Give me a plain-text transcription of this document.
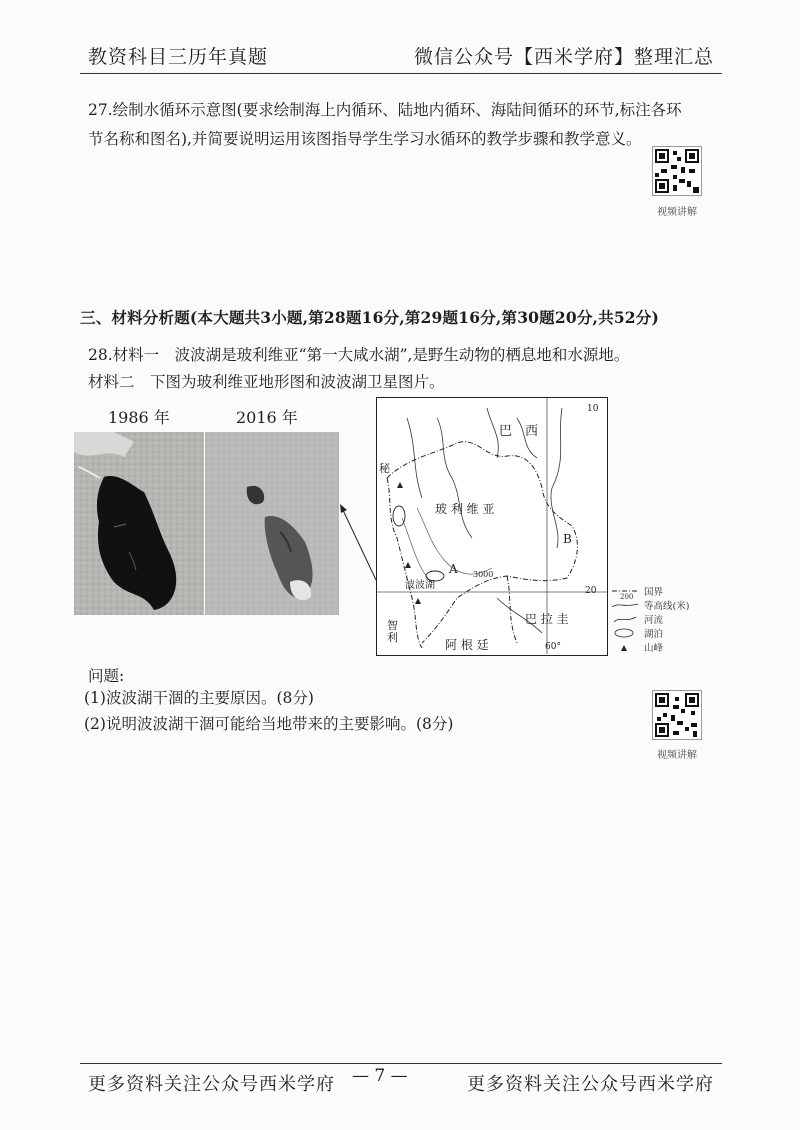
教资科目三历年真题	微信公众号【西米学府】整理汇总
27.绘制水循环示意图(要求绘制海上内循环、陆地内循环、海陆间循环的环节,标注各环
节名称和图名),并简要说明运用该图指导学生学习水循环的教学步骤和教学意义。
视频讲解
三、材料分析题(本大题共3小题,第28题16分,第29题16分,第30题20分,共52分)
28.材料一　波波湖是玻利维亚“第一大咸水湖”,是野生动物的栖息地和水源地。
材料二　下图为玻利维亚地形图和波波湖卫星图片。
1986 年	2016 年	10
20
60°
巴　西
玻 利 维 亚
秘
智利
巴 拉 圭
阿 根 廷
波波湖
A
B
3000
国界
200
等高线(米)
河流
湖泊
山峰
问题:
(1)波波湖干涸的主要原因。(8分)
(2)说明波波湖干涸可能给当地带来的主要影响。(8分)
视频讲解
更多资料关注公众号西米学府 — 7 —	更多资料关注公众号西米学府
